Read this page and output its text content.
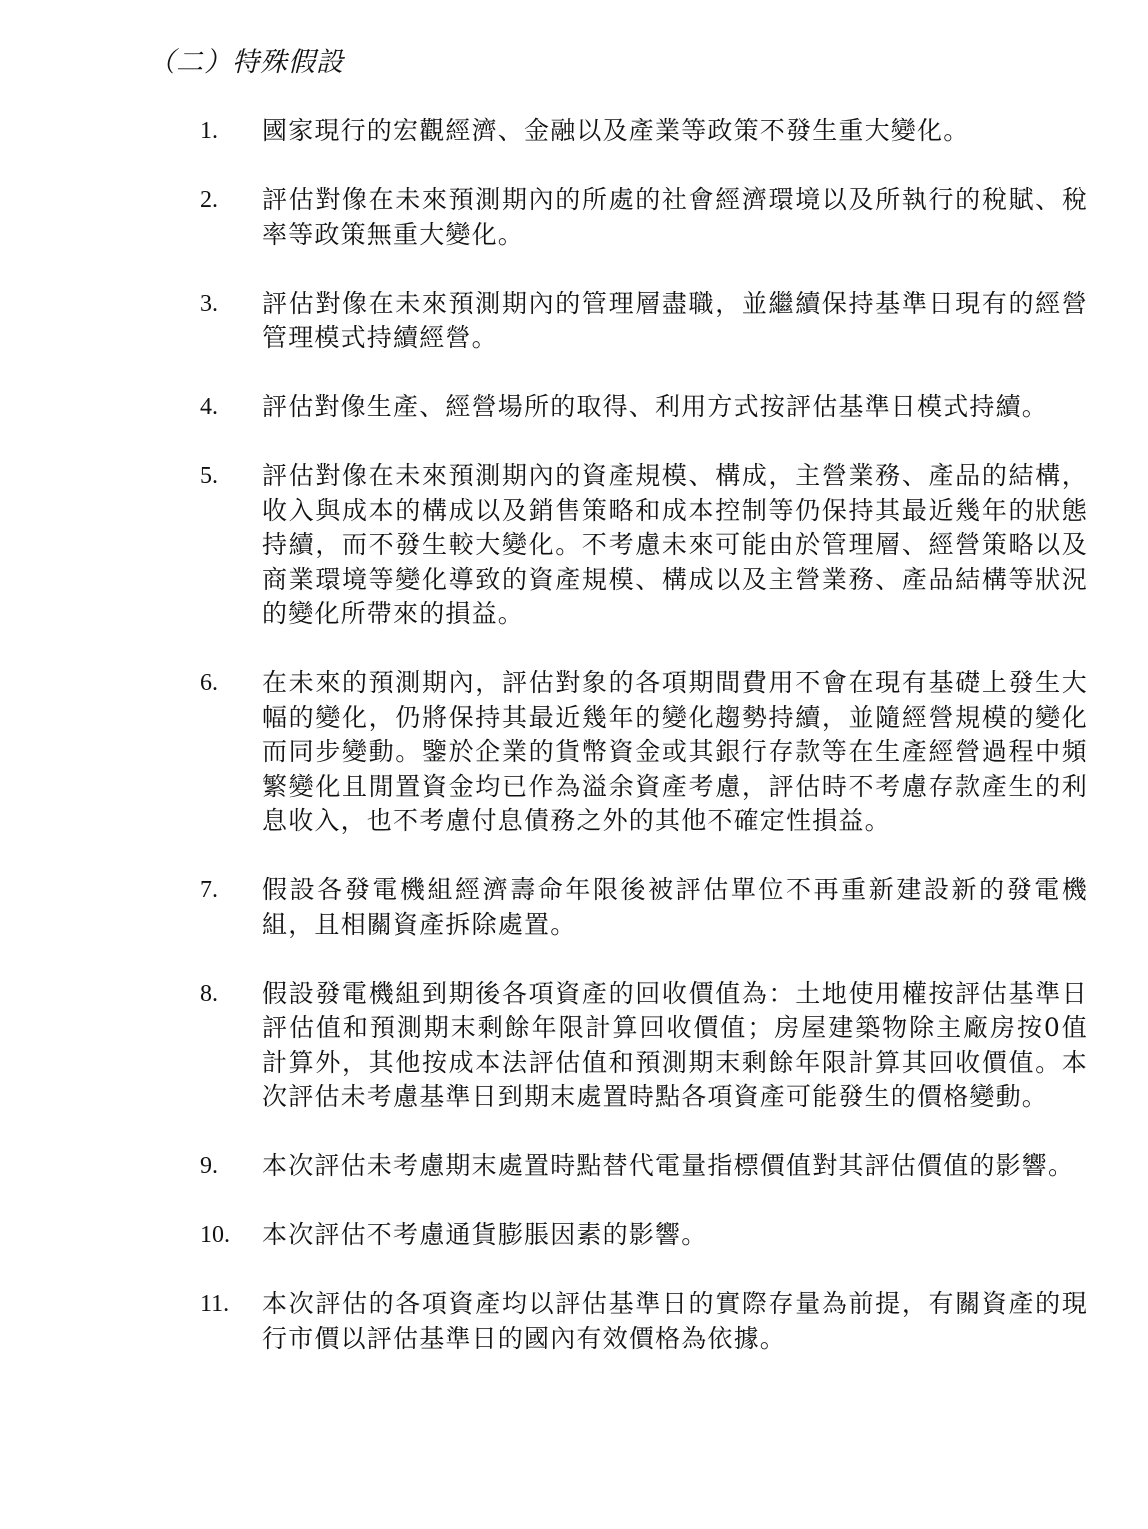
（二）特殊假設
1.	國家現行的宏觀經濟、金融以及產業等政策不發生重大變化。
2.	評估對像在未來預測期內的所處的社會經濟環境以及所執行的稅賦、稅率等政策無重大變化。
3.	評估對像在未來預測期內的管理層盡職，並繼續保持基準日現有的經營管理模式持續經營。
4.	評估對像生產、經營場所的取得、利用方式按評估基準日模式持續。
5.	評估對像在未來預測期內的資產規模、構成，主營業務、產品的結構，收入與成本的構成以及銷售策略和成本控制等仍保持其最近幾年的狀態持續，而不發生較大變化。不考慮未來可能由於管理層、經營策略以及商業環境等變化導致的資產規模、構成以及主營業務、產品結構等狀況的變化所帶來的損益。
6.	在未來的預測期內，評估對象的各項期間費用不會在現有基礎上發生大幅的變化，仍將保持其最近幾年的變化趨勢持續，並隨經營規模的變化而同步變動。鑒於企業的貨幣資金或其銀行存款等在生產經營過程中頻繁變化且閒置資金均已作為溢余資產考慮，評估時不考慮存款產生的利息收入，也不考慮付息債務之外的其他不確定性損益。
7.	假設各發電機組經濟壽命年限後被評估單位不再重新建設新的發電機組，且相關資產拆除處置。
8.	假設發電機組到期後各項資產的回收價值為：土地使用權按評估基準日評估值和預測期末剩餘年限計算回收價值；房屋建築物除主廠房按0值計算外，其他按成本法評估值和預測期末剩餘年限計算其回收價值。本次評估未考慮基準日到期末處置時點各項資產可能發生的價格變動。
9.	本次評估未考慮期末處置時點替代電量指標價值對其評估價值的影響。
10.	本次評估不考慮通貨膨脹因素的影響。
11.	本次評估的各項資產均以評估基準日的實際存量為前提，有關資產的現行市價以評估基準日的國內有效價格為依據。
